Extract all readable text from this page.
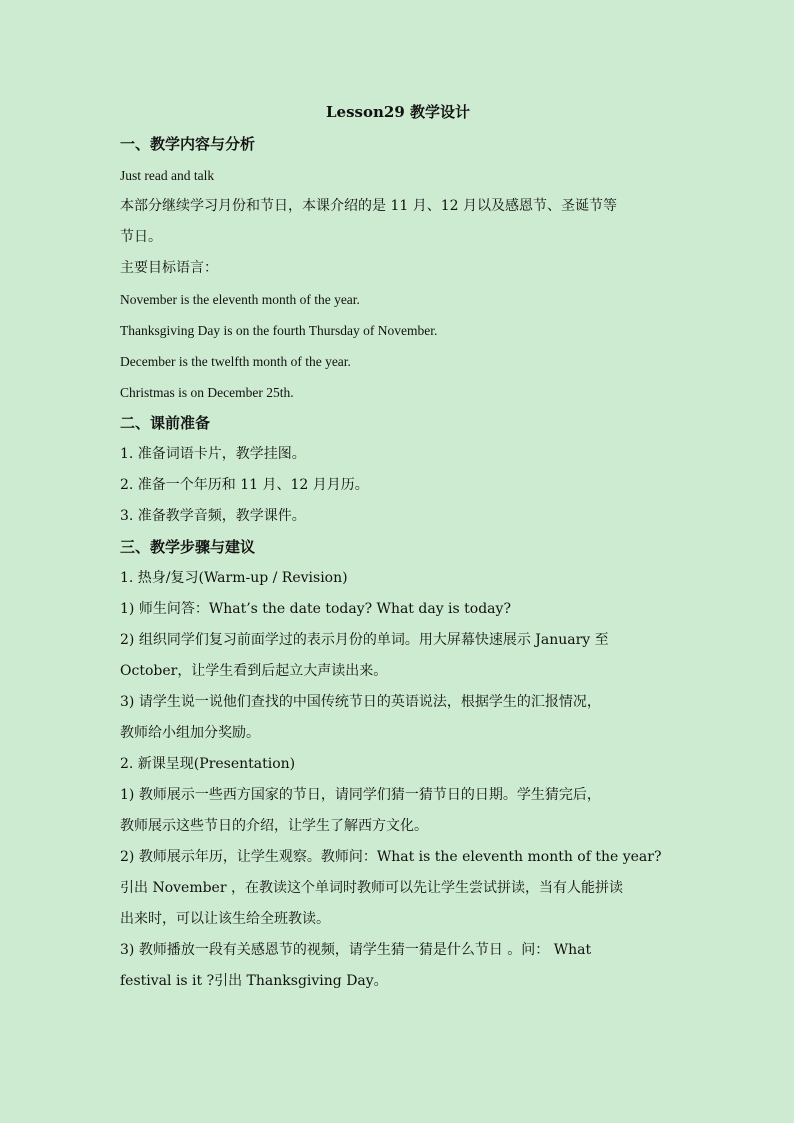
Lesson29 教学设计
一、教学内容与分析
Just read and talk
本部分继续学习月份和节日，本课介绍的是 11 月、12 月以及感恩节、圣诞节等
节日。
主要目标语言：
November is the eleventh month of the year.
Thanksgiving Day is on the fourth Thursday of November.
December is the twelfth month of the year.
Christmas is on December 25th.
二、课前准备
1. 准备词语卡片，教学挂图。
2. 准备一个年历和 11 月、12 月月历。
3. 准备教学音频，教学课件。
三、教学步骤与建议
1. 热身/复习(Warm-up / Revision)
1) 师生问答：What’s the date today? What day is today?
2) 组织同学们复习前面学过的表示月份的单词。用大屏幕快速展示 January 至
October，让学生看到后起立大声读出来。
3) 请学生说一说他们查找的中国传统节日的英语说法，根据学生的汇报情况，
教师给小组加分奖励。
2. 新课呈现(Presentation)
1) 教师展示一些西方国家的节日，请同学们猜一猜节日的日期。学生猜完后，
教师展示这些节日的介绍，让学生了解西方文化。
2) 教师展示年历，让学生观察。教师问：What is the eleventh month of the year?
引出 November ，在教读这个单词时教师可以先让学生尝试拼读，当有人能拼读
出来时，可以让该生给全班教读。
3) 教师播放一段有关感恩节的视频，请学生猜一猜是什么节日 。问： What
festival is it ?引出 Thanksgiving Day。
